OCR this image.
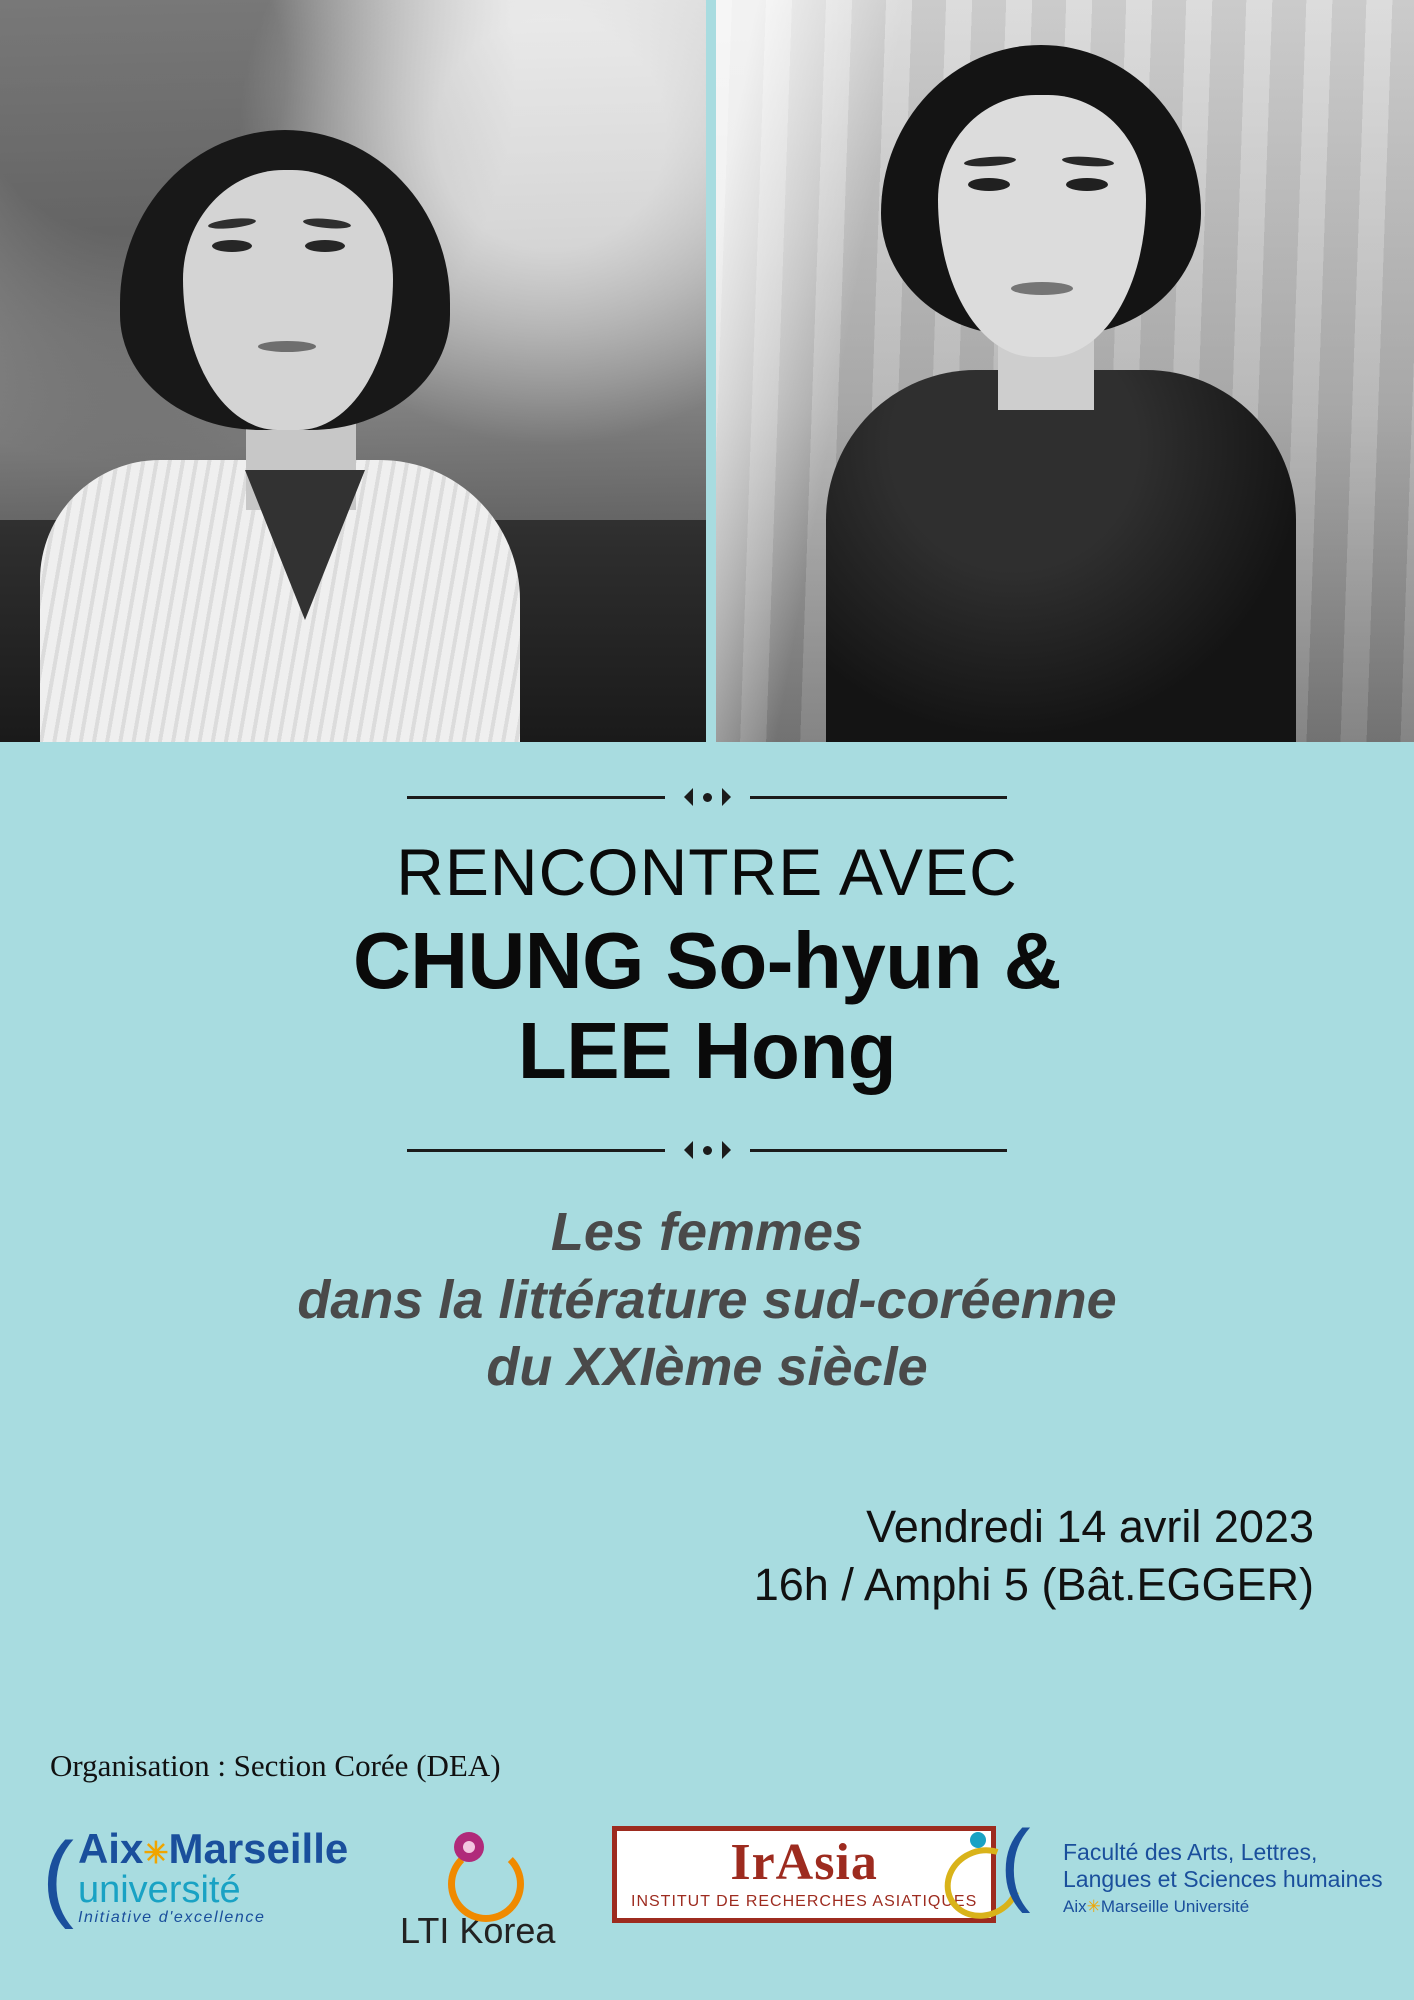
RENCONTRE AVEC
CHUNG So-hyun &
LEE Hong
Les femmes
dans la littérature sud-coréenne
du XXIème siècle
Vendredi 14 avril 2023
16h / Amphi 5 (Bât.EGGER)
Organisation : Section Corée (DEA)
( Aix✳Marseille
université
Initiative d'excellence	LTI Korea
IrAsia
INSTITUT DE RECHERCHES ASIATIQUES ( Faculté des Arts, Lettres,
Langues et Sciences humaines
Aix✳Marseille Université
